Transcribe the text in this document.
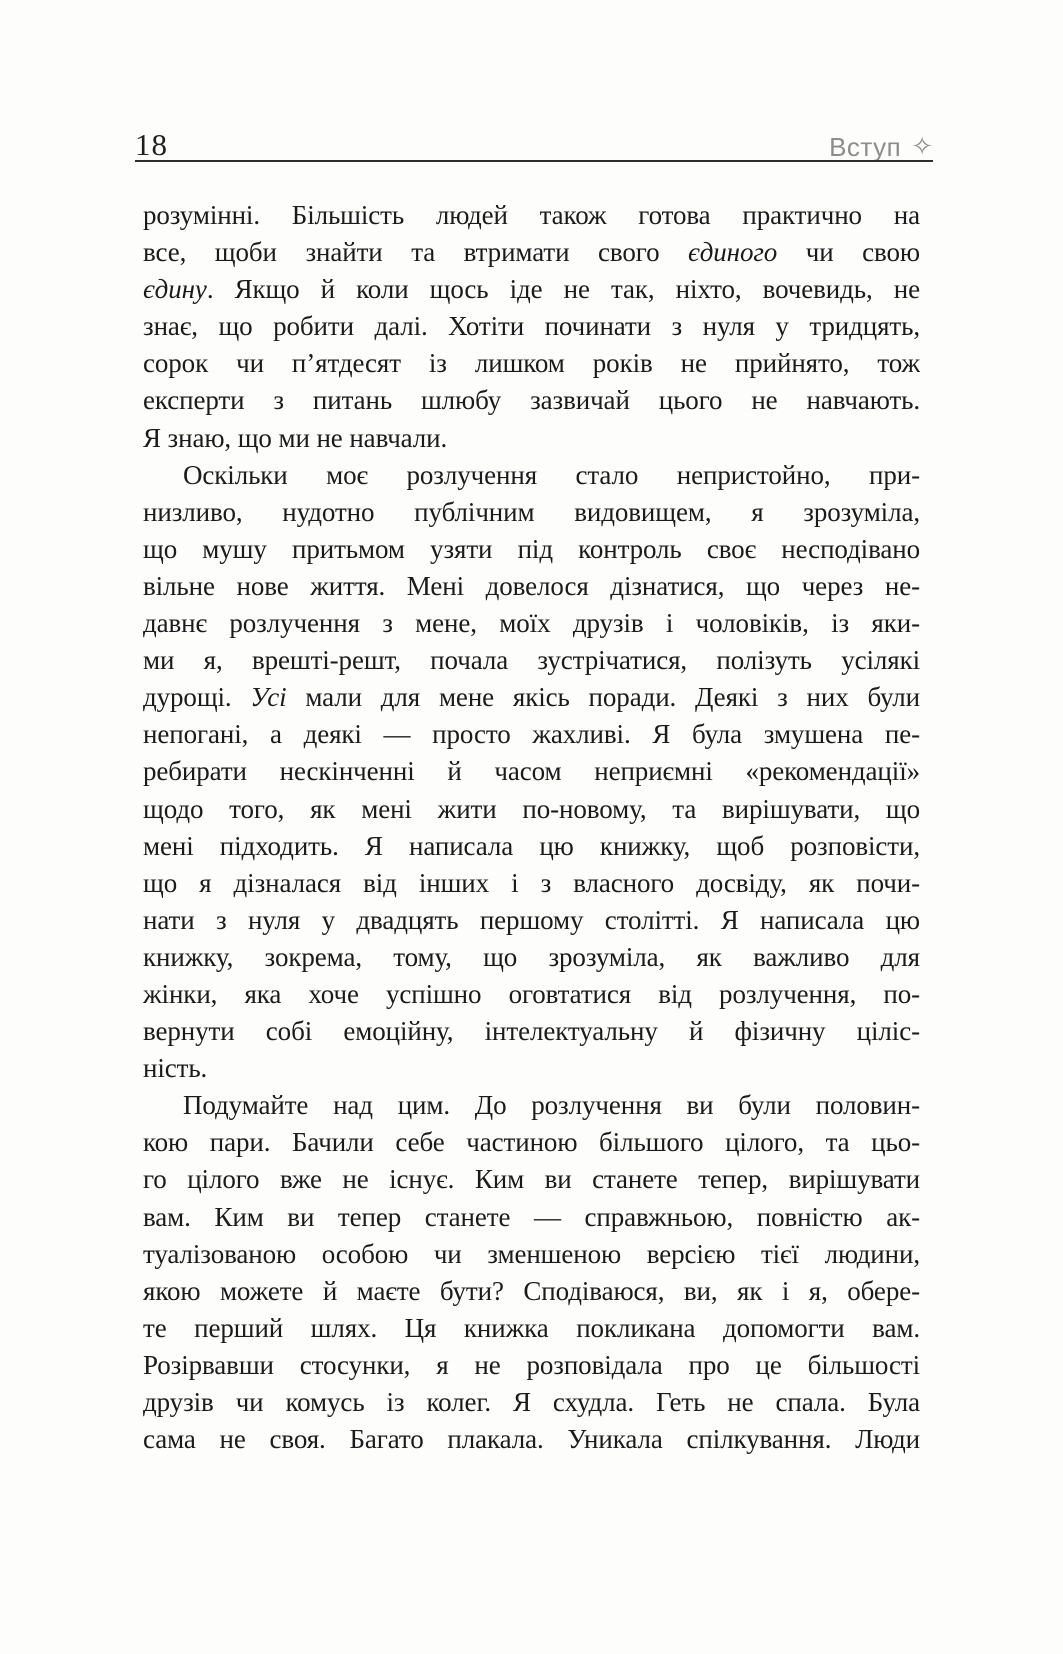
18	Вступ ✧
розумінні. Більшість людей також готова практично на
все, щоби знайти та втримати свого єдиного чи свою
єдину. Якщо й коли щось іде не так, ніхто, вочевидь, не
знає, що робити далі. Хотіти починати з нуля у тридцять,
сорок чи п’ятдесят із лишком років не прийнято, тож
експерти з питань шлюбу зазвичай цього не навчають.
Я знаю, що ми не навчали.
Оскільки моє розлучення стало непристойно, при-
низливо, нудотно публічним видовищем, я зрозуміла,
що мушу притьмом узяти під контроль своє несподівано
вільне нове життя. Мені довелося дізнатися, що через не-
давнє розлучення з мене, моїх друзів і чоловіків, із яки-
ми я, врешті-решт, почала зустрічатися, полізуть усілякі
дурощі. Усі мали для мене якісь поради. Деякі з них були
непогані, а деякі — просто жахливі. Я була змушена пе-
ребирати нескінченні й часом неприємні «рекомендації»
щодо того, як мені жити по-новому, та вирішувати, що
мені підходить. Я написала цю книжку, щоб розповісти,
що я дізналася від інших і з власного досвіду, як почи-
нати з нуля у двадцять першому столітті. Я написала цю
книжку, зокрема, тому, що зрозуміла, як важливо для
жінки, яка хоче успішно оговтатися від розлучення, по-
вернути собі емоційну, інтелектуальну й фізичну ціліс-
ність.
Подумайте над цим. До розлучення ви були половин-
кою пари. Бачили себе частиною більшого цілого, та цьо-
го цілого вже не існує. Ким ви станете тепер, вирішувати
вам. Ким ви тепер станете — справжньою, повністю ак-
туалізованою особою чи зменшеною версією тієї людини,
якою можете й маєте бути? Сподіваюся, ви, як і я, обере-
те перший шлях. Ця книжка покликана допомогти вам.
Розірвавши стосунки, я не розповідала про це більшості
друзів чи комусь із колег. Я схудла. Геть не спала. Була
сама не своя. Багато плакала. Уникала спілкування. Люди
